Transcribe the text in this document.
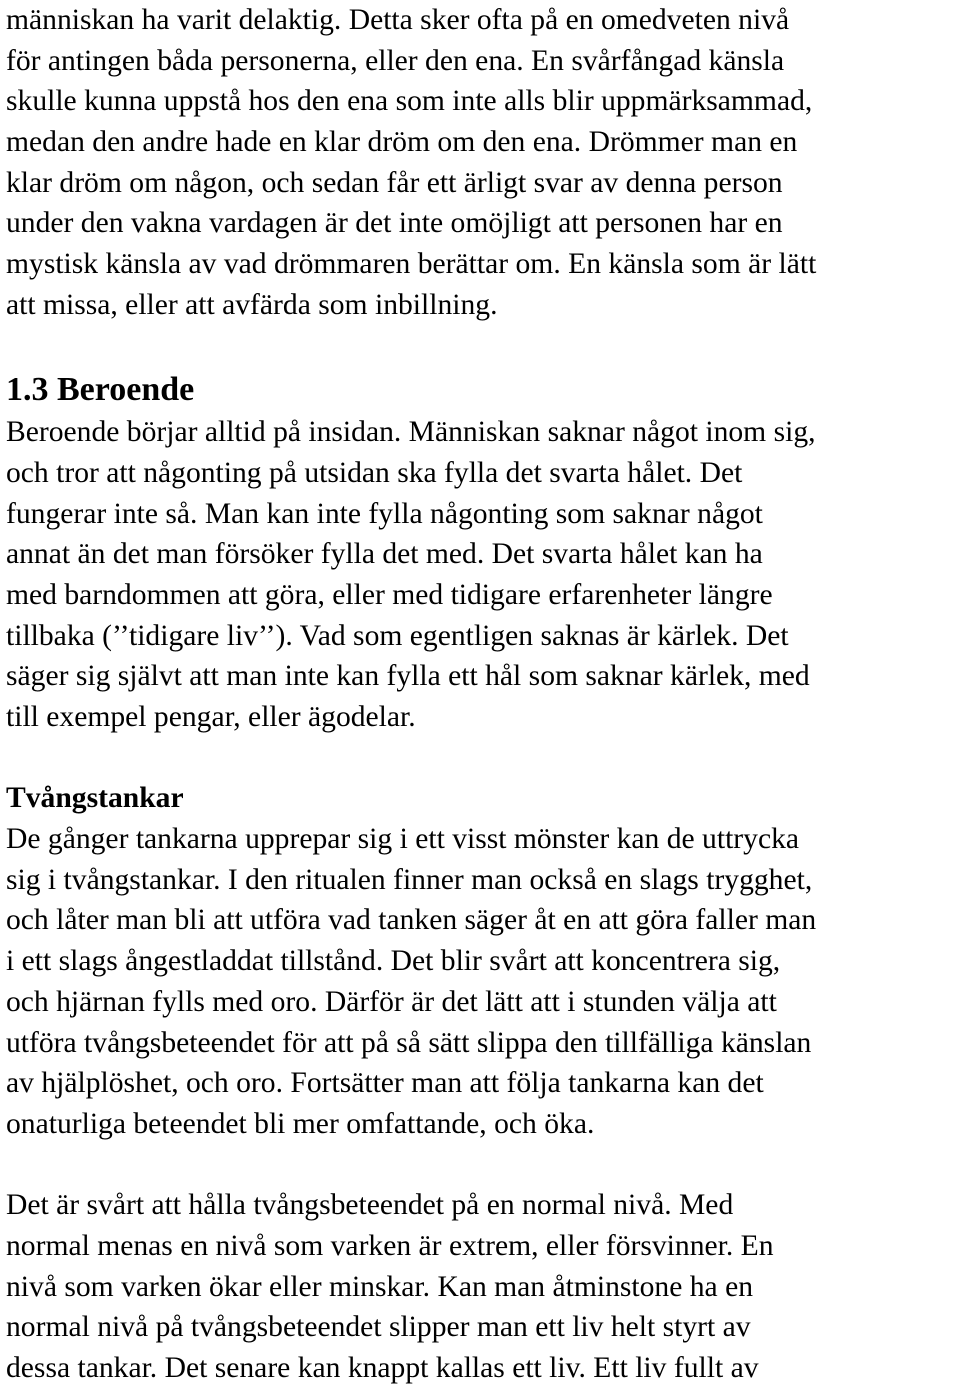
människan ha varit delaktig. Detta sker ofta på en omedveten nivå
för antingen båda personerna, eller den ena. En svårfångad känsla
skulle kunna uppstå hos den ena som inte alls blir uppmärksammad,
medan den andre hade en klar dröm om den ena. Drömmer man en
klar dröm om någon, och sedan får ett ärligt svar av denna person
under den vakna vardagen är det inte omöjligt att personen har en
mystisk känsla av vad drömmaren berättar om. En känsla som är lätt
att missa, eller att avfärda som inbillning.
1.3 Beroende
Beroende börjar alltid på insidan. Människan saknar något inom sig,
och tror att någonting på utsidan ska fylla det svarta hålet. Det
fungerar inte så. Man kan inte fylla någonting som saknar något
annat än det man försöker fylla det med. Det svarta hålet kan ha
med barndommen att göra, eller med tidigare erfarenheter längre
tillbaka (’’tidigare liv’’). Vad som egentligen saknas är kärlek. Det
säger sig självt att man inte kan fylla ett hål som saknar kärlek, med
till exempel pengar, eller ägodelar.
Tvångstankar
De gånger tankarna upprepar sig i ett visst mönster kan de uttrycka
sig i tvångstankar. I den ritualen finner man också en slags trygghet,
och låter man bli att utföra vad tanken säger åt en att göra faller man
i ett slags ångestladdat tillstånd. Det blir svårt att koncentrera sig,
och hjärnan fylls med oro. Därför är det lätt att i stunden välja att
utföra tvångsbeteendet för att på så sätt slippa den tillfälliga känslan
av hjälplöshet, och oro. Fortsätter man att följa tankarna kan det
onaturliga beteendet bli mer omfattande, och öka.
Det är svårt att hålla tvångsbeteendet på en normal nivå. Med
normal menas en nivå som varken är extrem, eller försvinner. En
nivå som varken ökar eller minskar. Kan man åtminstone ha en
normal nivå på tvångsbeteendet slipper man ett liv helt styrt av
dessa tankar. Det senare kan knappt kallas ett liv. Ett liv fullt av
